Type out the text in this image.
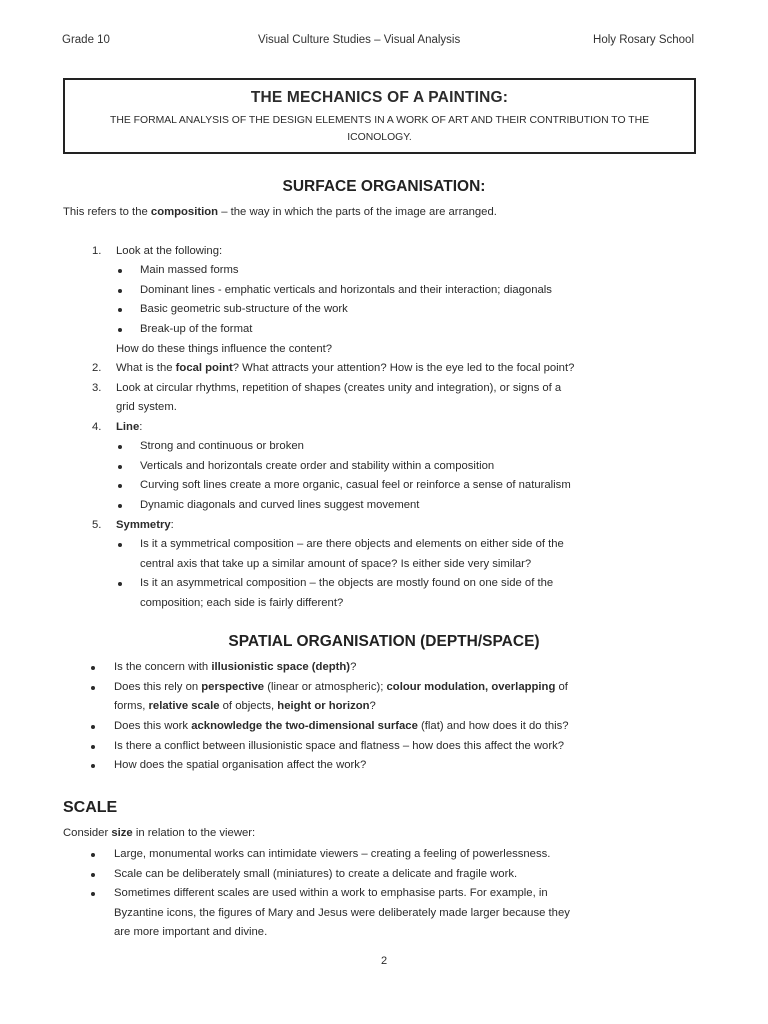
Grade 10	Visual Culture Studies – Visual Analysis	Holy Rosary School
THE MECHANICS OF A PAINTING:
THE FORMAL ANALYSIS OF THE DESIGN ELEMENTS IN A WORK OF ART AND THEIR CONTRIBUTION TO THE ICONOLOGY.
SURFACE ORGANISATION:
This refers to the composition – the way in which the parts of the image are arranged.
1. Look at the following:
Main massed forms
Dominant lines - emphatic verticals and horizontals and their interaction; diagonals
Basic geometric sub-structure of the work
Break-up of the format
How do these things influence the content?
2. What is the focal point? What attracts your attention? How is the eye led to the focal point?
3. Look at circular rhythms, repetition of shapes (creates unity and integration), or signs of a
grid system.
4. Line:
Strong and continuous or broken
Verticals and horizontals create order and stability within a composition
Curving soft lines create a more organic, casual feel or reinforce a sense of naturalism
Dynamic diagonals and curved lines suggest movement
5. Symmetry:
Is it a symmetrical composition – are there objects and elements on either side of the
central axis that take up a similar amount of space? Is either side very similar?
Is it an asymmetrical composition – the objects are mostly found on one side of the
composition; each side is fairly different?
SPATIAL ORGANISATION (DEPTH/SPACE)
Is the concern with illusionistic space (depth)?
Does this rely on perspective (linear or atmospheric); colour modulation, overlapping of
forms, relative scale of objects, height or horizon?
Does this work acknowledge the two-dimensional surface (flat) and how does it do this?
Is there a conflict between illusionistic space and flatness – how does this affect the work?
How does the spatial organisation affect the work?
SCALE
Consider size in relation to the viewer:
Large, monumental works can intimidate viewers – creating a feeling of powerlessness.
Scale can be deliberately small (miniatures) to create a delicate and fragile work.
Sometimes different scales are used within a work to emphasise parts. For example, in
Byzantine icons, the figures of Mary and Jesus were deliberately made larger because they
are more important and divine.
2
